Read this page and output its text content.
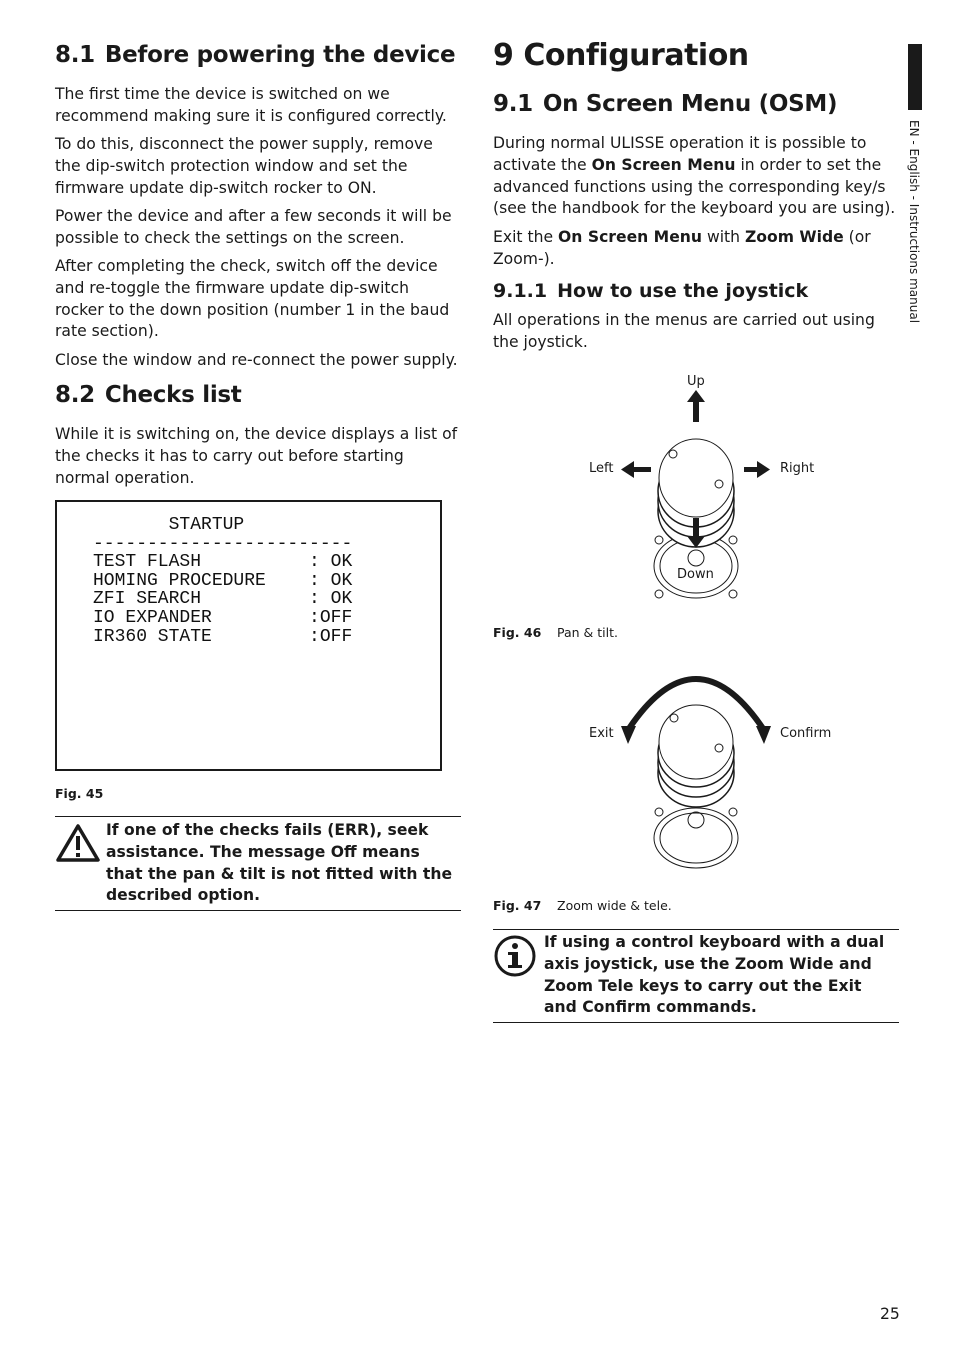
8.1 Before powering the device

The first time the device is switched on we recommend making sure it is configured correctly.

To do this, disconnect the power supply, remove the dip-switch protection window and set the firmware update dip-switch rocker to ON.

Power the device and after a few seconds it will be possible to check the settings on the screen.

After completing the check, switch off the device and re-toggle the firmware update dip-switch rocker to the down position (number 1 in the baud rate section).

Close the window and re-connect the power supply.

8.2 Checks list

While it is switching on, the device displays a list of the checks it has to carry out before starting normal operation.

STARTUP
------------------------
TEST FLASH          : OK
HOMING PROCEDURE    : OK
ZFI SEARCH          : OK
IO EXPANDER         :OFF
IR360 STATE         :OFF
Fig. 45
If one of the checks fails (ERR), seek assistance. The message Off means that the pan & tilt is not fitted with the described option.
9 Configuration
9.1 On Screen Menu (OSM)

During normal ULISSE operation it is possible to activate the On Screen Menu in order to set the advanced functions using the corresponding key/s (see the handbook for the keyboard you are using).

Exit the On Screen Menu with Zoom Wide (or Zoom-).

9.1.1 How to use the joystick

All operations in the menus are carried out using the joystick.

Up
Left	Right
Down
Fig. 46 Pan & tilt.
Exit	Confirm
Fig. 47 Zoom wide & tele.
If using a control keyboard with a dual axis joystick, use the Zoom Wide and Zoom Tele keys to carry out the Exit and Confirm commands.
EN - English - Instructions manual
25
